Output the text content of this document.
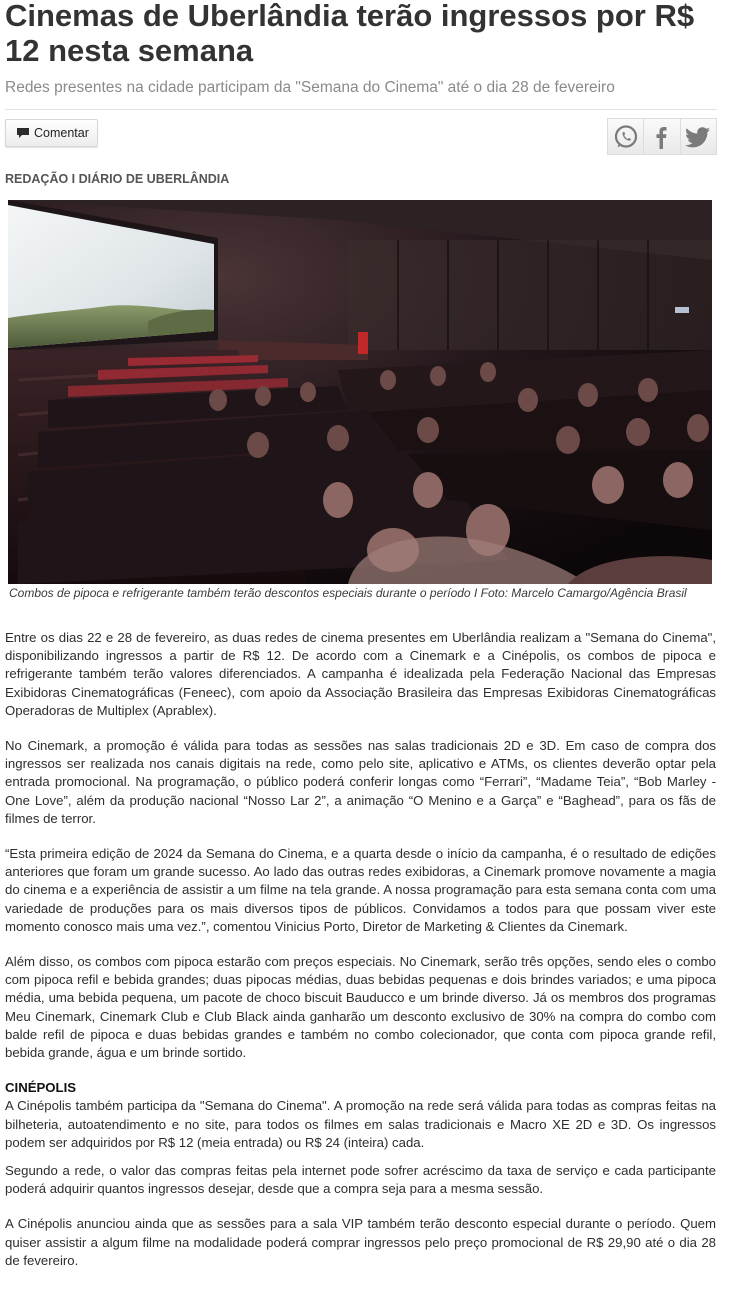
Cinemas de Uberlândia terão ingressos por R$ 12 nesta semana

Redes presentes na cidade participam da "Semana do Cinema" até o dia 28 de fevereiro

Comentar

REDAÇÃO I DIÁRIO DE UBERLÂNDIA

Combos de pipoca e refrigerante também terão descontos especiais durante o período I Foto: Marcelo Camargo/Agência Brasil

Entre os dias 22 e 28 de fevereiro, as duas redes de cinema presentes em Uberlândia realizam a "Semana do Cinema", disponibilizando ingressos a partir de R$ 12. De acordo com a Cinemark e a Cinépolis, os combos de pipoca e refrigerante também terão valores diferenciados. A campanha é idealizada pela Federação Nacional das Empresas Exibidoras Cinematográficas (Feneec), com apoio da Associação Brasileira das Empresas Exibidoras Cinematográficas Operadoras de Multiplex (Aprablex).

No Cinemark, a promoção é válida para todas as sessões nas salas tradicionais 2D e 3D. Em caso de compra dos ingressos ser realizada nos canais digitais na rede, como pelo site, aplicativo e ATMs, os clientes deverão optar pela entrada promocional. Na programação, o público poderá conferir longas como “Ferrari”, “Madame Teia”, “Bob Marley - One Love”, além da produção nacional “Nosso Lar 2”, a animação “O Menino e a Garça” e “Baghead”, para os fãs de filmes de terror.

“Esta primeira edição de 2024 da Semana do Cinema, e a quarta desde o início da campanha, é o resultado de edições anteriores que foram um grande sucesso. Ao lado das outras redes exibidoras, a Cinemark promove novamente a magia do cinema e a experiência de assistir a um filme na tela grande. A nossa programação para esta semana conta com uma variedade de produções para os mais diversos tipos de públicos. Convidamos a todos para que possam viver este momento conosco mais uma vez.”, comentou Vinicius Porto, Diretor de Marketing & Clientes da Cinemark.

Além disso, os combos com pipoca estarão com preços especiais. No Cinemark, serão três opções, sendo eles o combo com pipoca refil e bebida grandes; duas pipocas médias, duas bebidas pequenas e dois brindes variados; e uma pipoca média, uma bebida pequena, um pacote de choco biscuit Bauducco e um brinde diverso. Já os membros dos programas Meu Cinemark, Cinemark Club e Club Black ainda ganharão um desconto exclusivo de 30% na compra do combo com balde refil de pipoca e duas bebidas grandes e também no combo colecionador, que conta com pipoca grande refil, bebida grande, água e um brinde sortido.

CINÉPOLIS

A Cinépolis também participa da "Semana do Cinema". A promoção na rede será válida para todas as compras feitas na bilheteria, autoatendimento e no site, para todos os filmes em salas tradicionais e Macro XE 2D e 3D. Os ingressos podem ser adquiridos por R$ 12 (meia entrada) ou R$ 24 (inteira) cada.

Segundo a rede, o valor das compras feitas pela internet pode sofrer acréscimo da taxa de serviço e cada participante poderá adquirir quantos ingressos desejar, desde que a compra seja para a mesma sessão.

A Cinépolis anunciou ainda que as sessões para a sala VIP também terão desconto especial durante o período. Quem quiser assistir a algum filme na modalidade poderá comprar ingressos pelo preço promocional de R$ 29,90 até o dia 28 de fevereiro.
